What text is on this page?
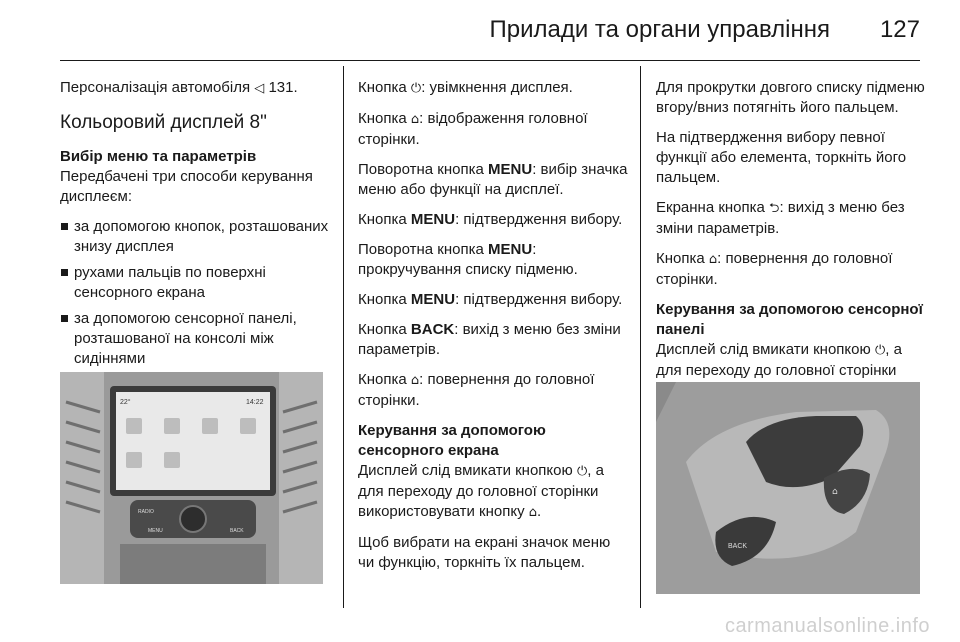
Прилади та органи управління 127

Персоналізація автомобіля ◁ 131.

Кольоровий дисплей 8"
Вибір меню та параметрів

Передбачені три способи керування дисплеєм:

за допомогою кнопок, розташованих знизу дисплея
рухами пальців по поверхні сенсорного екрана
за допомогою сенсорної панелі, розташованої на консолі між сидіннями
22°	14:22
RADIO
BACK
MENU

Кнопка ⏻: увімкнення дисплея.

Кнопка ⌂: відображення головної сторінки.

Поворотна кнопка MENU: вибір значка меню або функції на дисплеї.

Кнопка MENU: підтвердження вибору.

Поворотна кнопка MENU: прокручування списку підменю.

Кнопка MENU: підтвердження вибору.

Кнопка BACK: вихід з меню без зміни параметрів.

Кнопка ⌂: повернення до головної сторінки.

Керування за допомогою сенсорного екрана

Дисплей слід вмикати кнопкою ⏻, а для переходу до головної сторінки використовувати кнопку ⌂.

Щоб вибрати на екрані значок меню чи функцію, торкніть їх пальцем.

Для прокрутки довгого списку підменю вгору/вниз потягніть його пальцем.

На підтвердження вибору певної функції або елемента, торкніть його пальцем.

Екранна кнопка ⮌: вихід з меню без зміни параметрів.

Кнопка ⌂: повернення до головної сторінки.

Керування за допомогою сенсорної панелі

Дисплей слід вмикати кнопкою ⏻, а для переходу до головної сторінки

⌂
BACK
carmanualsonline.info
